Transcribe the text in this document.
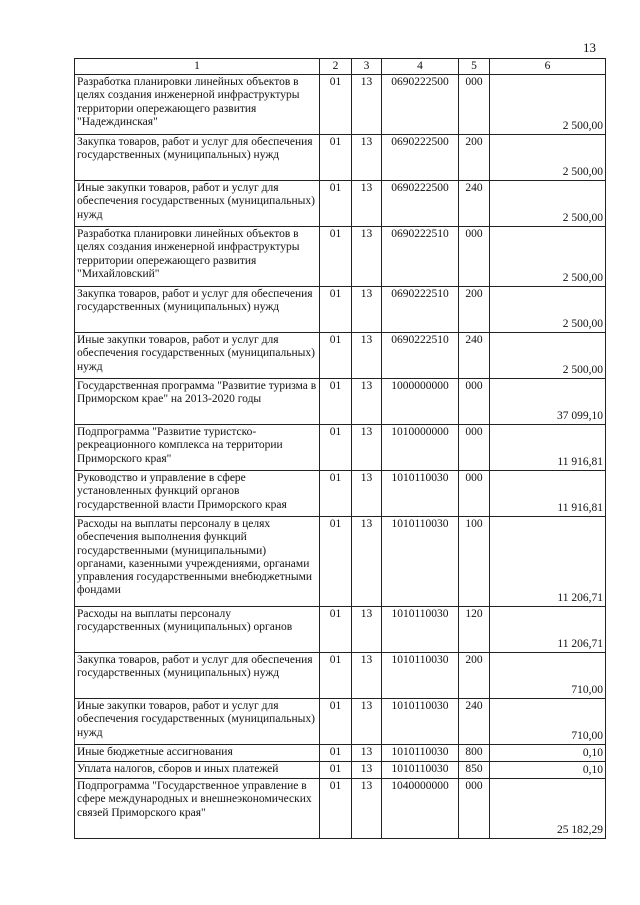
13
1	2	3	4	5	6
Разработка планировки линейных объектов в целях создания инженерной инфраструктуры территории опережающего развития "Надеждинская"	01	13	0690222500	000	2 500,00
Закупка товаров, работ и услуг для обеспечения государственных (муниципальных) нужд	01	13	0690222500	200	2 500,00
Иные закупки товаров, работ и услуг для обеспечения государственных (муниципальных) нужд	01	13	0690222500	240	2 500,00
Разработка планировки линейных объектов в целях создания инженерной инфраструктуры территории опережающего развития "Михайловский"	01	13	0690222510	000	2 500,00
Закупка товаров, работ и услуг для обеспечения государственных (муниципальных) нужд	01	13	0690222510	200	2 500,00
Иные закупки товаров, работ и услуг для обеспечения государственных (муниципальных) нужд	01	13	0690222510	240	2 500,00
Государственная программа "Развитие туризма в Приморском крае" на 2013-2020 годы	01	13	1000000000	000	37 099,10
Подпрограмма "Развитие туристско-рекреационного комплекса на территории Приморского края"	01	13	1010000000	000	11 916,81
Руководство и управление в сфере установленных функций органов государственной власти Приморского края	01	13	1010110030	000	11 916,81
Расходы на выплаты персоналу в целях обеспечения выполнения функций государственными (муниципальными) органами, казенными учреждениями, органами управления государственными внебюджетными фондами	01	13	1010110030	100	11 206,71
Расходы на выплаты персоналу государственных (муниципальных) органов	01	13	1010110030	120	11 206,71
Закупка товаров, работ и услуг для обеспечения государственных (муниципальных) нужд	01	13	1010110030	200	710,00
Иные закупки товаров, работ и услуг для обеспечения государственных (муниципальных) нужд	01	13	1010110030	240	710,00
Иные бюджетные ассигнования	01	13	1010110030	800	0,10
Уплата налогов, сборов и иных платежей	01	13	1010110030	850	0,10
Подпрограмма "Государственное управление в сфере международных и внешнеэкономических связей Приморского края"	01	13	1040000000	000	25 182,29
